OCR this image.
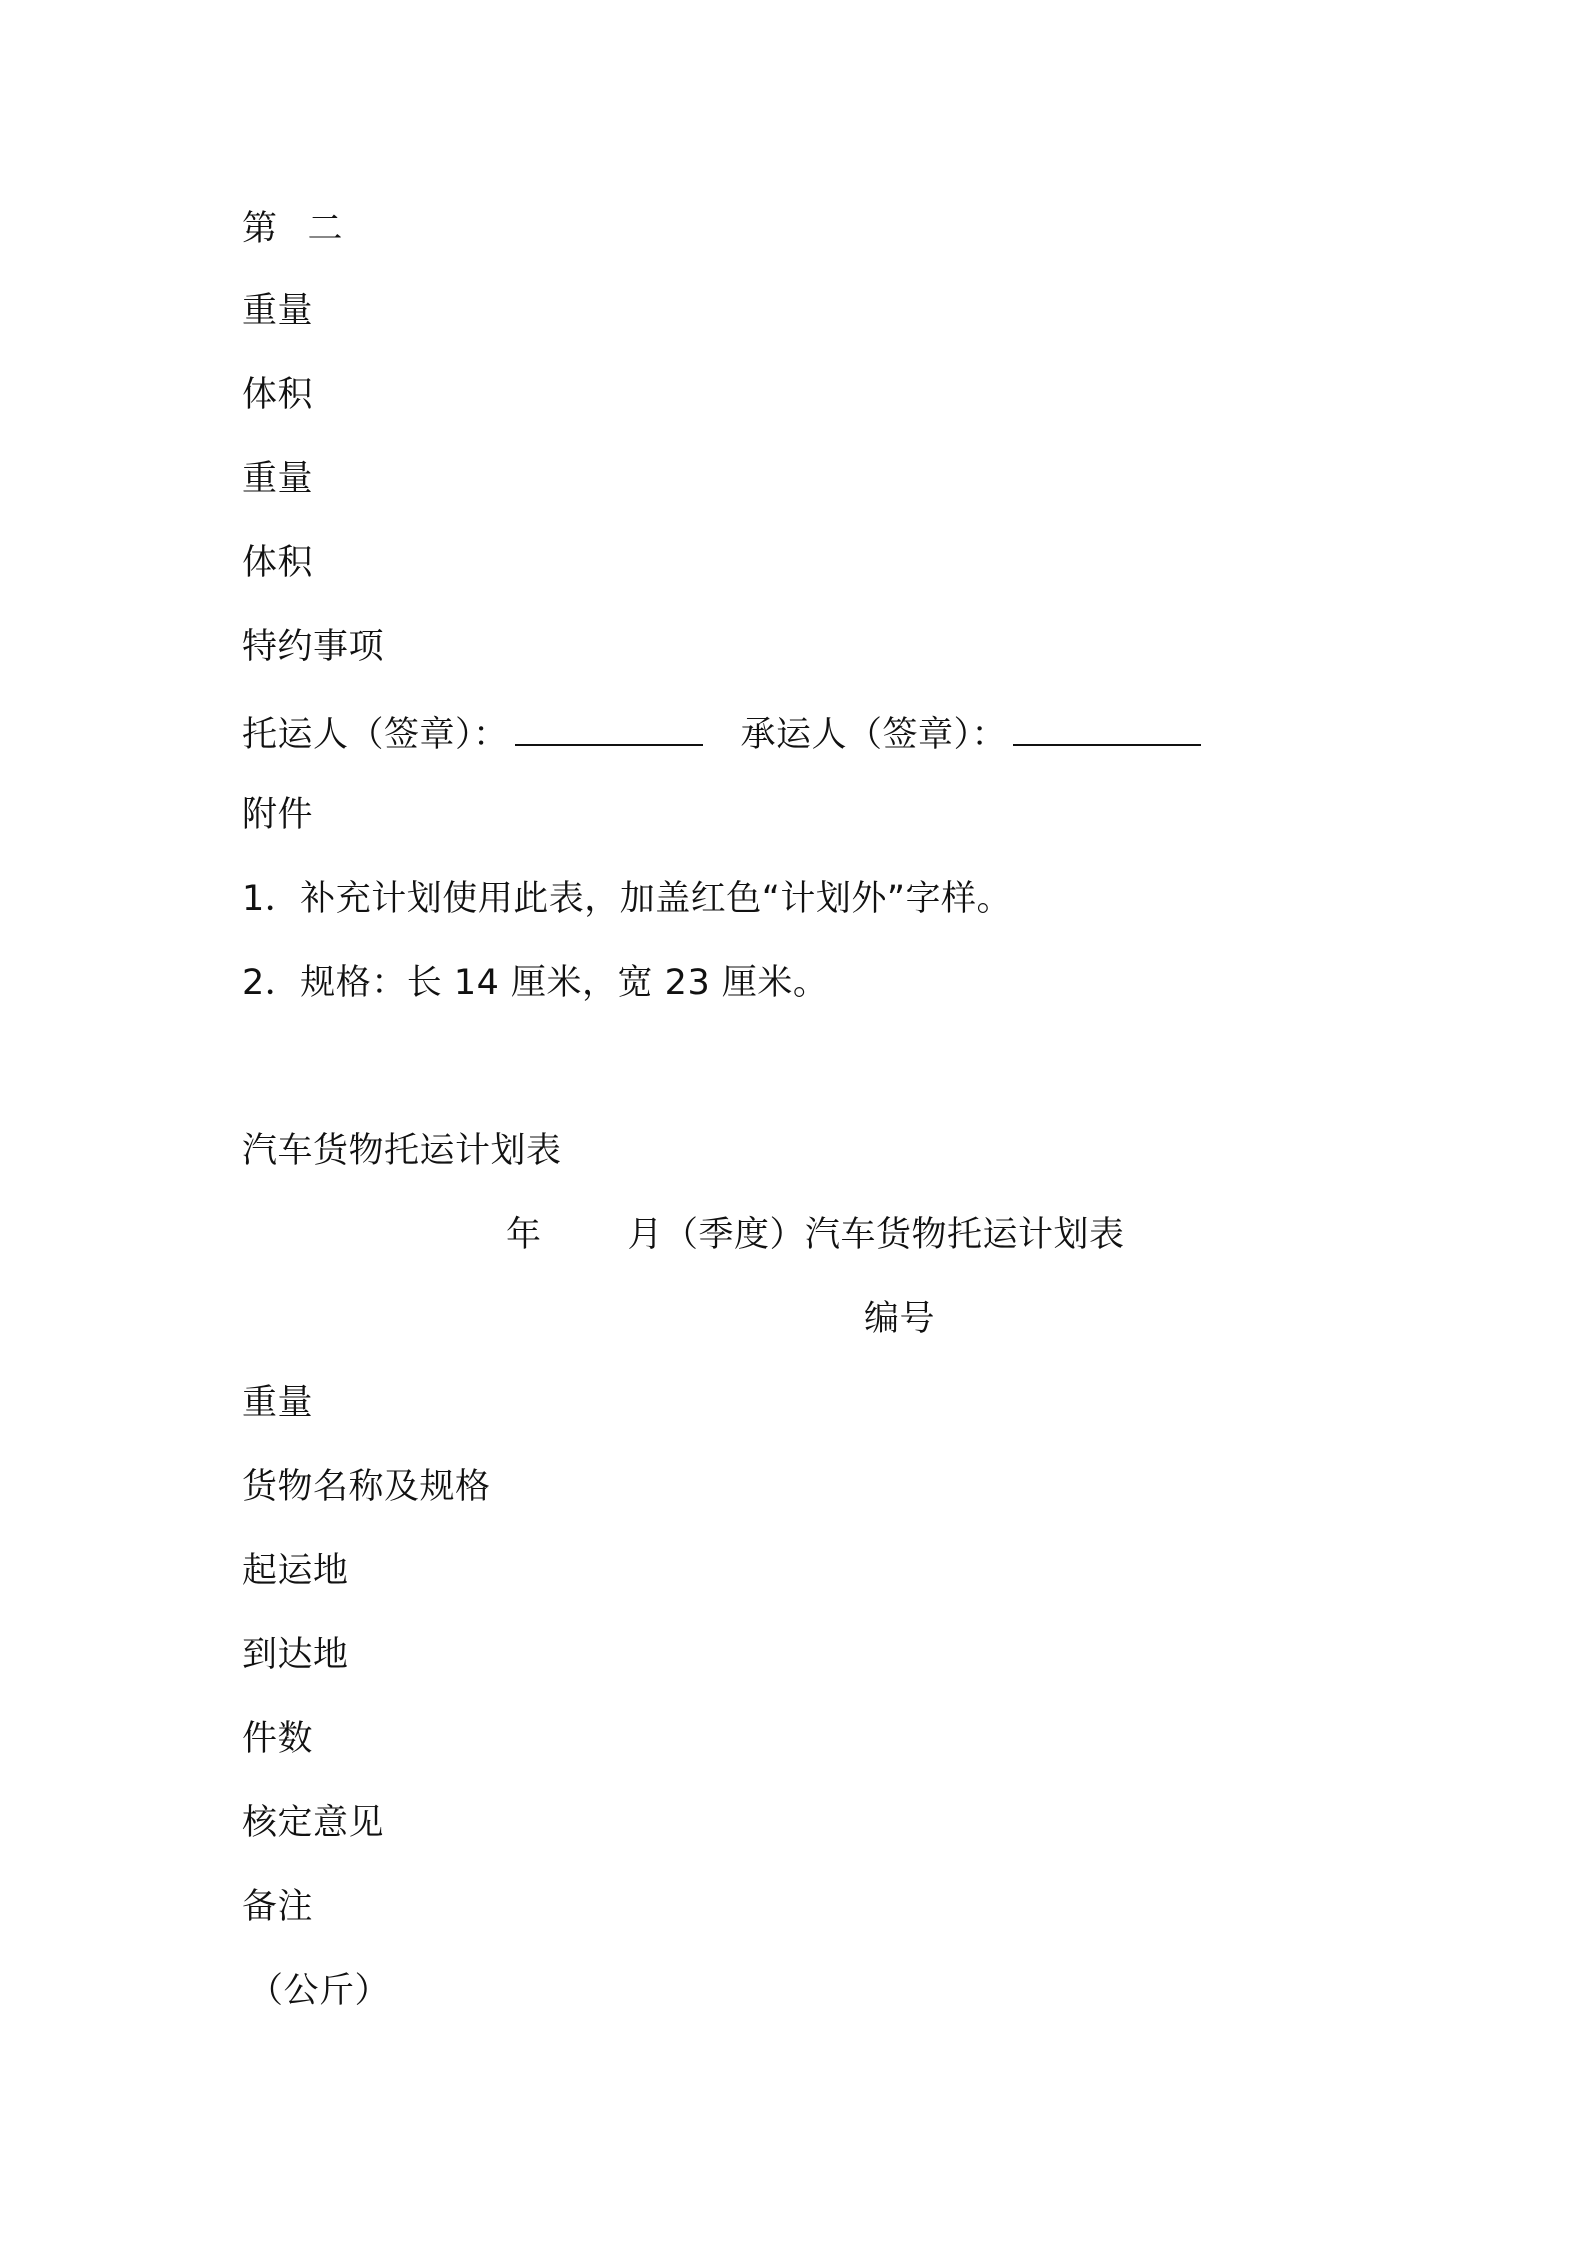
第 二
重量
体积
重量
体积
特约事项
托运人（签章）：	承运人（签章）：
附件
1．补充计划使用此表，加盖红色“计划外”字样。
2．规格：长 14 厘米，宽 23 厘米。
汽车货物托运计划表
年 月（季度）汽车货物托运计划表
编号
重量
货物名称及规格
起运地
到达地
件数
核定意见
备注
（公斤）
